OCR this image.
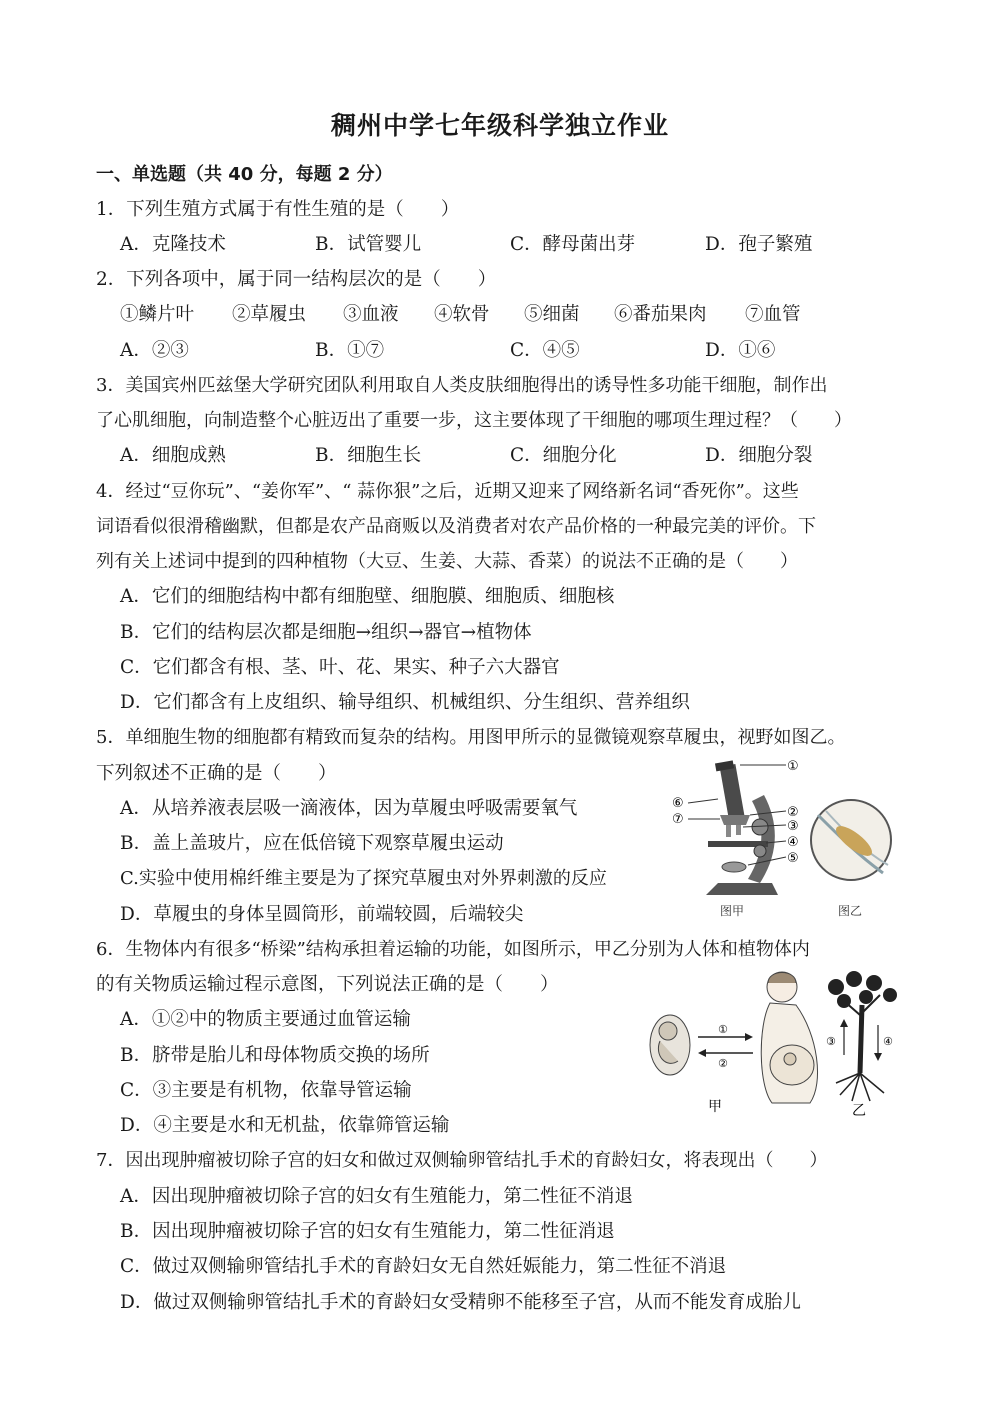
稠州中学七年级科学独立作业
一、单选题（共 40 分，每题 2 分）
1．下列生殖方式属于有性生殖的是（　　）
A．克隆技术	B．试管婴儿	C．酵母菌出芽	D．孢子繁殖
2．下列各项中，属于同一结构层次的是（　　）
①鳞片叶 ②草履虫 ③血液 ④软骨 ⑤细菌 ⑥番茄果肉 ⑦血管
A．②③	B．①⑦	C．④⑤	D．①⑥
3．美国宾州匹兹堡大学研究团队利用取自人类皮肤细胞得出的诱导性多功能干细胞，制作出
了心肌细胞，向制造整个心脏迈出了重要一步，这主要体现了干细胞的哪项生理过程？（　　）
A．细胞成熟	B．细胞生长	C．细胞分化	D．细胞分裂
4．经过“豆你玩”、“姜你军”、“ 蒜你狠”之后，近期又迎来了网络新名词“香死你”。这些
词语看似很滑稽幽默，但都是农产品商贩以及消费者对农产品价格的一种最完美的评价。下
列有关上述词中提到的四种植物（大豆、生姜、大蒜、香菜）的说法不正确的是（　　）
A．它们的细胞结构中都有细胞壁、细胞膜、细胞质、细胞核
B．它们的结构层次都是细胞→组织→器官→植物体
C．它们都含有根、茎、叶、花、果实、种子六大器官
D．它们都含有上皮组织、输导组织、机械组织、分生组织、营养组织
5．单细胞生物的细胞都有精致而复杂的结构。用图甲所示的显微镜观察草履虫，视野如图乙。
下列叙述不正确的是（　　）
A．从培养液表层吸一滴液体，因为草履虫呼吸需要氧气
B．盖上盖玻片，应在低倍镜下观察草履虫运动
C.实验中使用棉纤维主要是为了探究草履虫对外界刺激的反应
D．草履虫的身体呈圆筒形，前端较圆，后端较尖
①
②
③
④
⑤
⑥
⑦
图甲	图乙
6．生物体内有很多“桥梁”结构承担着运输的功能，如图所示，甲乙分别为人体和植物体内
的有关物质运输过程示意图，下列说法正确的是（　　）
A．①②中的物质主要通过血管运输
B．脐带是胎儿和母体物质交换的场所
C．③主要是有机物，依靠导管运输
D．④主要是水和无机盐，依靠筛管运输
①
②
③	④
甲	乙
7．因出现肿瘤被切除子宫的妇女和做过双侧输卵管结扎手术的育龄妇女，将表现出（　　）
A．因出现肿瘤被切除子宫的妇女有生殖能力，第二性征不消退
B．因出现肿瘤被切除子宫的妇女有生殖能力，第二性征消退
C．做过双侧输卵管结扎手术的育龄妇女无自然妊娠能力，第二性征不消退
D．做过双侧输卵管结扎手术的育龄妇女受精卵不能移至子宫，从而不能发育成胎儿
